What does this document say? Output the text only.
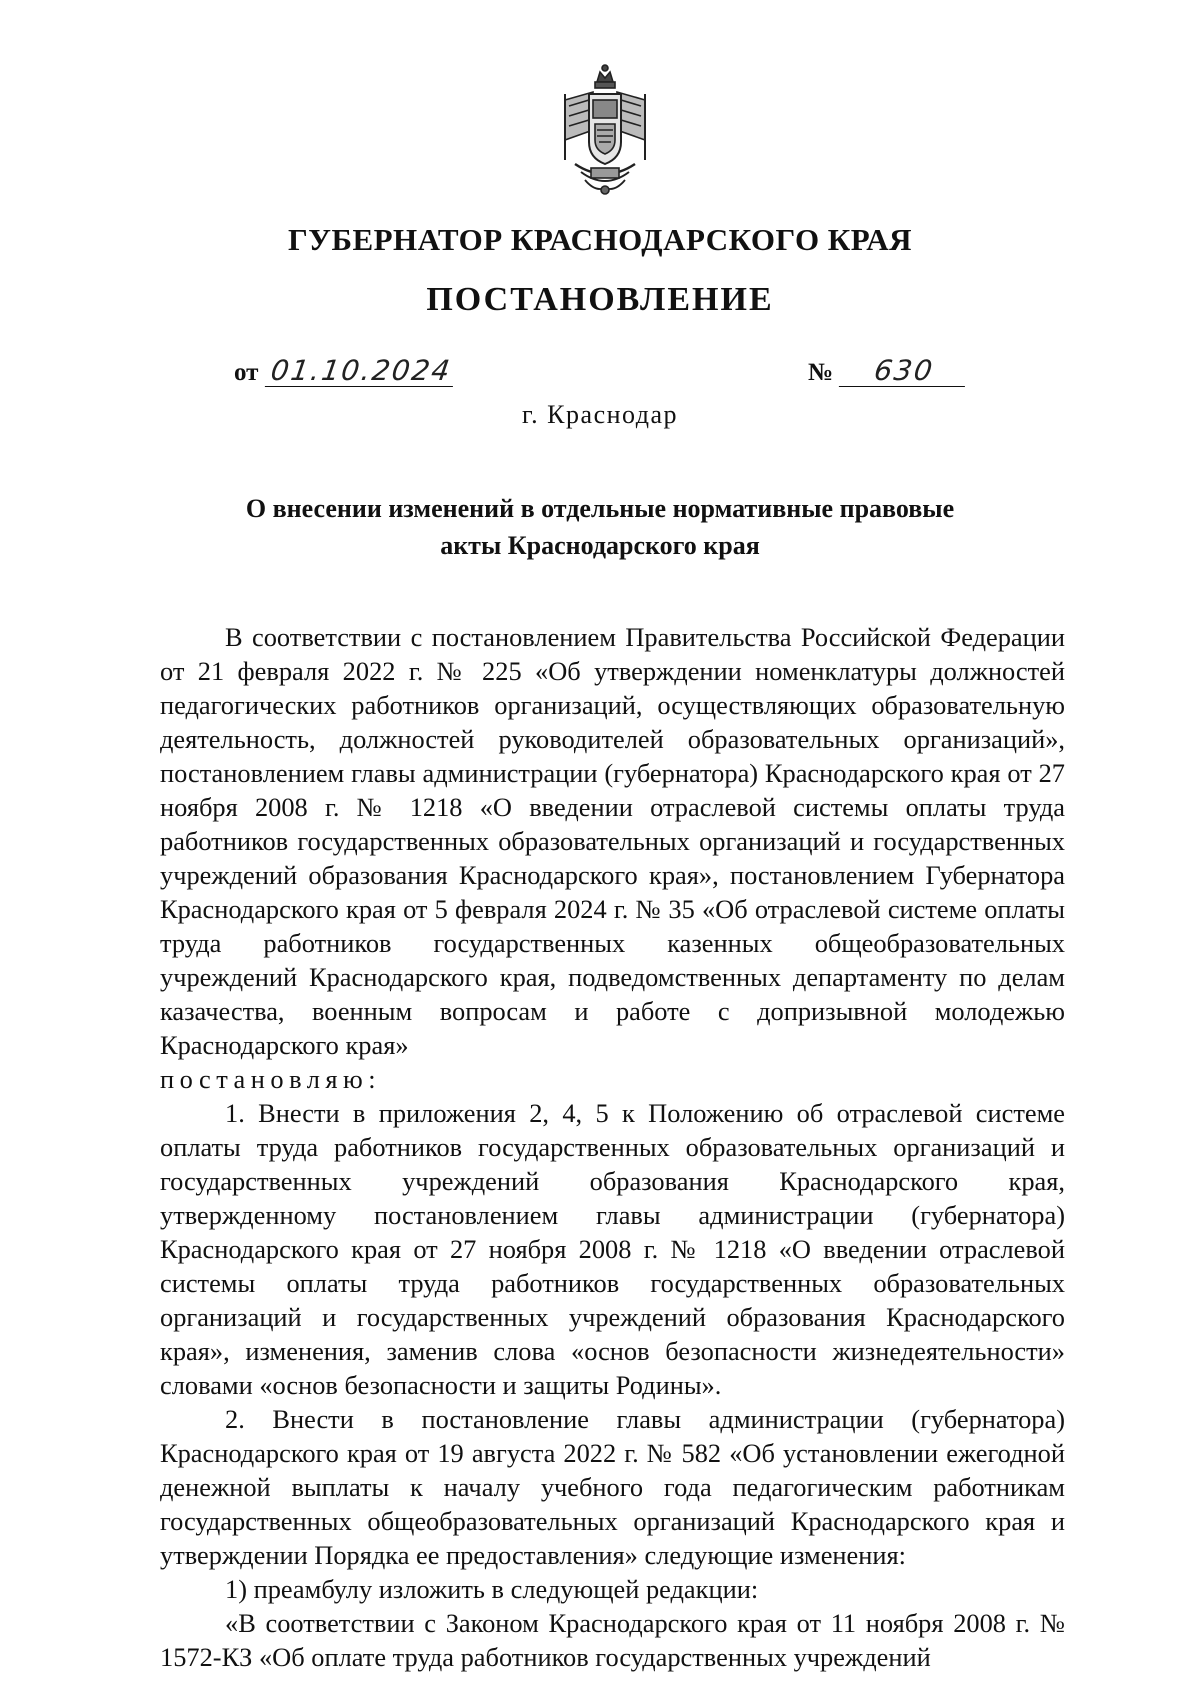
ГУБЕРНАТОР КРАСНОДАРСКОГО КРАЯ
ПОСТАНОВЛЕНИЕ
от 01.10.2024	№ 630
г. Краснодар
О внесении изменений в отдельные нормативные правовые
акты Краснодарского края

В соответствии с постановлением Правительства Российской Федерации от 21 февраля 2022 г. № 225 «Об утверждении номенклатуры должностей педагогических работников организаций, осуществляющих образовательную деятельность, должностей руководителей образовательных организаций», постановлением главы администрации (губернатора) Краснодарского края от 27 ноября 2008 г. № 1218 «О введении отраслевой системы оплаты труда работников государственных образовательных организаций и государственных учреждений образования Краснодарского края», постановлением Губернатора Краснодарского края от 5 февраля 2024 г. № 35 «Об отраслевой системе оплаты труда работников государственных казенных общеобразовательных учреждений Краснодарского края, подведомственных департаменту по делам казачества, военным вопросам и работе с допризывной молодежью Краснодарского края»

постановляю:

1. Внести в приложения 2, 4, 5 к Положению об отраслевой системе оплаты труда работников государственных образовательных организаций и государственных учреждений образования Краснодарского края, утвержденному постановлением главы администрации (губернатора) Краснодарского края от 27 ноября 2008 г. № 1218 «О введении отраслевой системы оплаты труда работников государственных образовательных организаций и государственных учреждений образования Краснодарского края», изменения, заменив слова «основ безопасности жизнедеятельности» словами «основ безопасности и защиты Родины».

2. Внести в постановление главы администрации (губернатора) Краснодарского края от 19 августа 2022 г. № 582 «Об установлении ежегодной денежной выплаты к началу учебного года педагогическим работникам государственных общеобразовательных организаций Краснодарского края и утверждении Порядка ее предоставления» следующие изменения:

1) преамбулу изложить в следующей редакции:

«В соответствии с Законом Краснодарского края от 11 ноября 2008 г. № 1572-КЗ «Об оплате труда работников государственных учреждений
